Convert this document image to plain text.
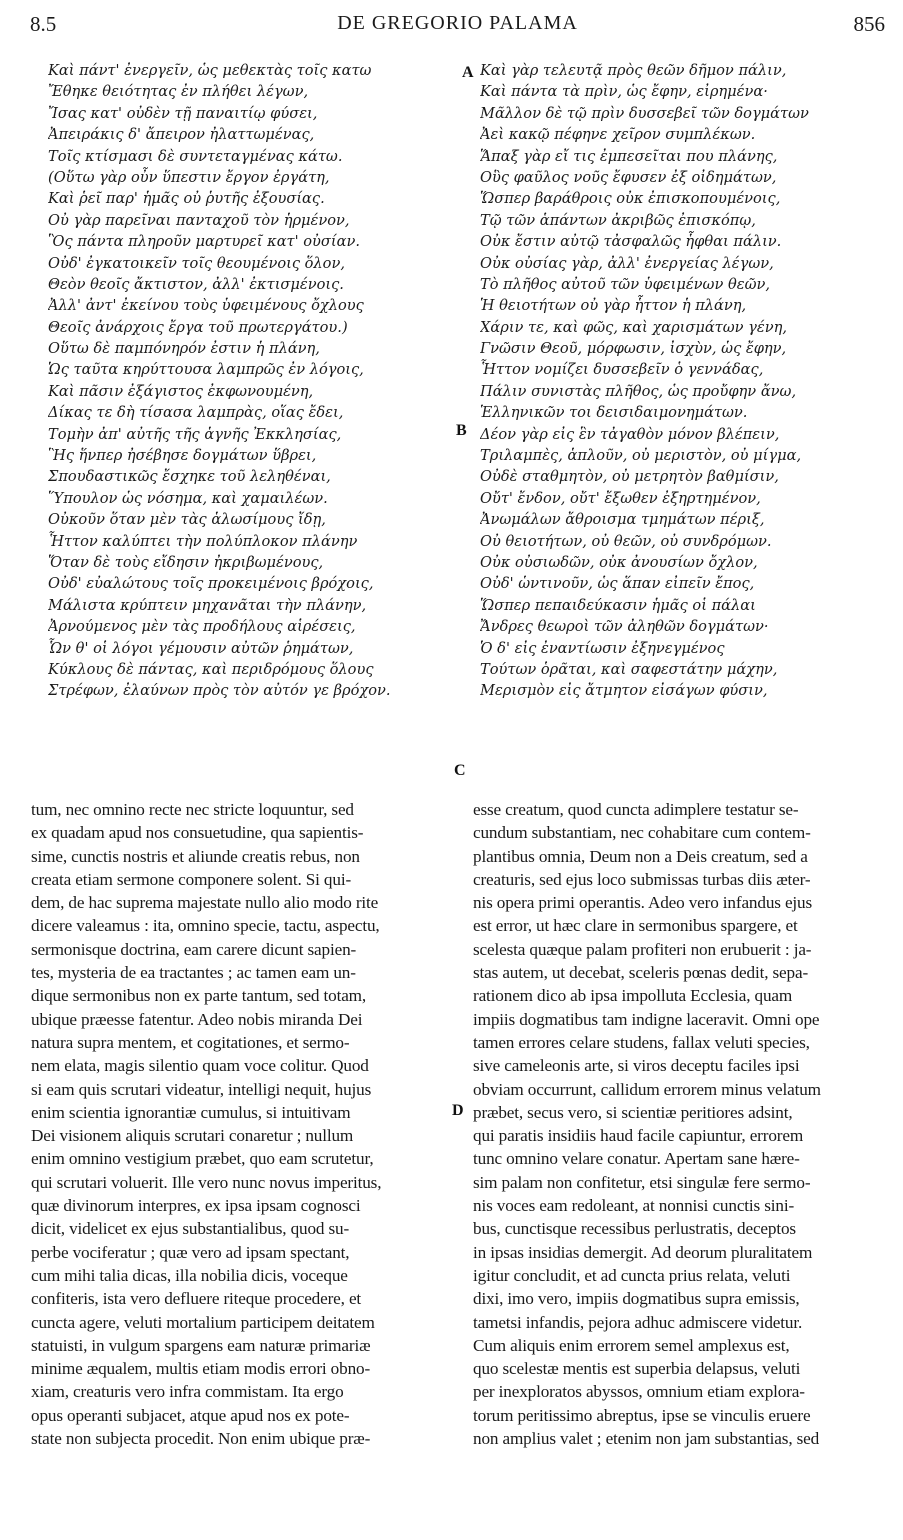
8.5	DE GREGORIO PALAMA	856
Καὶ πάντ' ἐνεργεῖν, ὡς μεθεκτὰς τοῖς κατω
Ἔθηκε θειότητας ἐν πλήθει λέγων,
Ἴσας κατ' οὐδὲν τῇ παναιτίῳ φύσει,
Ἀπειράκις δ' ἄπειρον ἠλαττωμένας,
Τοῖς κτίσμασι δὲ συντεταγμένας κάτω.
(Οὕτω γὰρ οὖν ὕπεστιν ἔργον ἐργάτη,
Καὶ ῥεῖ παρ' ἡμᾶς οὐ ῥυτῆς ἐξουσίας.
Οὐ γὰρ παρεῖναι πανταχοῦ τὸν ἡρμένον,
Ὃς πάντα πληροῦν μαρτυρεῖ κατ' οὐσίαν.
Οὐδ' ἐγκατοικεῖν τοῖς θεουμένοις ὅλον,
Θεὸν θεοῖς ἄκτιστον, ἀλλ' ἐκτισμένοις.
Ἀλλ' ἀντ' ἐκείνου τοὺς ὑφειμένους ὄχλους
Θεοῖς ἀνάρχοις ἔργα τοῦ πρωτεργάτου.)
Οὕτω δὲ παμπόνηρόν ἐστιν ἡ πλάνη,
Ὡς ταῦτα κηρύττουσα λαμπρῶς ἐν λόγοις,
Καὶ πᾶσιν ἐξάγιστος ἐκφωνουμένη,
Δίκας τε δὴ τίσασα λαμπρὰς, οἵας ἔδει,
Τομὴν ἀπ' αὐτῆς τῆς ἁγνῆς Ἐκκλησίας,
Ἣς ἥνπερ ἠσέβησε δογμάτων ὕβρει,
Σπουδαστικῶς ἔσχηκε τοῦ λεληθέναι,
Ὕπουλον ὡς νόσημα, καὶ χαμαιλέων.
Οὐκοῦν ὅταν μὲν τὰς ἁλωσίμους ἴδῃ,
Ἧττον καλύπτει τὴν πολύπλοκον πλάνην
Ὅταν δὲ τοὺς εἴδησιν ἠκριβωμένους,
Οὐδ' εὐαλώτους τοῖς προκειμένοις βρόχοις,
Μάλιστα κρύπτειν μηχανᾶται τὴν πλάνην,
Ἀρνούμενος μὲν τὰς προδήλους αἱρέσεις,
Ὧν θ' οἱ λόγοι γέμουσιν αὐτῶν ῥημάτων,
Κύκλους δὲ πάντας, καὶ περιδρόμους ὅλους
Στρέφων, ἐλαύνων πρὸς τὸν αὐτόν γε βρόχον.
Καὶ γὰρ τελευτᾷ πρὸς θεῶν δῆμον πάλιν,
Καὶ πάντα τὰ πρὶν, ὡς ἔφην, εἰρημένα·
Μᾶλλον δὲ τῷ πρὶν δυσσεβεῖ τῶν δογμάτων
Ἀεὶ κακῷ πέφηνε χεῖρον συμπλέκων.
Ἅπαξ γὰρ εἴ τις ἐμπεσεῖται που πλάνης,
Οὓς φαῦλος νοῦς ἔφυσεν ἐξ οἰδημάτων,
Ὥσπερ βαράθροις οὐκ ἐπισκοπουμένοις,
Τῷ τῶν ἁπάντων ἀκριβῶς ἐπισκόπῳ,
Οὐκ ἔστιν αὐτῷ τἀσφαλῶς ἧφθαι πάλιν.
Οὐκ οὐσίας γὰρ, ἀλλ' ἐνεργείας λέγων,
Τὸ πλῆθος αὐτοῦ τῶν ὑφειμένων θεῶν,
Ἡ θειοτήτων οὐ γὰρ ἧττον ἡ πλάνη,
Χάριν τε, καὶ φῶς, καὶ χαρισμάτων γένη,
Γνῶσιν Θεοῦ, μόρφωσιν, ἰσχὺν, ὡς ἔφην,
Ἧττον νομίζει δυσσεβεῖν ὁ γεννάδας,
Πάλιν συνιστὰς πλῆθος, ὡς προὔφην ἄνω,
Ἑλληνικῶν τοι δεισιδαιμονημάτων.
Δέον γὰρ εἰς ἓν τἀγαθὸν μόνον βλέπειν,
Τριλαμπὲς, ἁπλοῦν, οὐ μεριστὸν, οὐ μίγμα,
Οὐδὲ σταθμητὸν, οὐ μετρητὸν βαθμίσιν,
Οὔτ' ἔνδον, οὔτ' ἔξωθεν ἐξηρτημένον,
Ἀνωμάλων ἄθροισμα τμημάτων πέριξ,
Οὐ θειοτήτων, οὐ θεῶν, οὐ συνδρόμων.
Οὐκ οὐσιωδῶν, οὐκ ἀνουσίων ὄχλον,
Οὐδ' ὡντινοῦν, ὡς ἅπαν εἰπεῖν ἔπος,
Ὥσπερ πεπαιδεύκασιν ἡμᾶς οἱ πάλαι
Ἄνδρες θεωροὶ τῶν ἀληθῶν δογμάτων·
Ὁ δ' εἰς ἐναντίωσιν ἐξηνεγμένος
Τούτων ὁρᾶται, καὶ σαφεστάτην μάχην,
Μερισμὸν εἰς ἄτμητον εἰσάγων φύσιν,
A
B
C
D
tum, nec omnino recte nec stricte loquuntur, sed
ex quadam apud nos consuetudine, qua sapientis-
sime, cunctis nostris et aliunde creatis rebus, non
creata etiam sermone componere solent. Si qui-
dem, de hac suprema majestate nullo alio modo rite
dicere valeamus : ita, omnino specie, tactu, aspectu,
sermonisque doctrina, eam carere dicunt sapien-
tes, mysteria de ea tractantes ; ac tamen eam un-
dique sermonibus non ex parte tantum, sed totam,
ubique præesse fatentur. Adeo nobis miranda Dei
natura supra mentem, et cogitationes, et sermo-
nem elata, magis silentio quam voce colitur. Quod
si eam quis scrutari videatur, intelligi nequit, hujus
enim scientia ignorantiæ cumulus, si intuitivam
Dei visionem aliquis scrutari conaretur ; nullum
enim omnino vestigium præbet, quo eam scrutetur,
qui scrutari voluerit. Ille vero nunc novus imperitus,
quæ divinorum interpres, ex ipsa ipsam cognosci
dicit, videlicet ex ejus substantialibus, quod su-
perbe vociferatur ; quæ vero ad ipsam spectant,
cum mihi talia dicas, illa nobilia dicis, voceque
confiteris, ista vero defluere riteque procedere, et
cuncta agere, veluti mortalium participem deitatem
statuisti, in vulgum spargens eam naturæ primariæ
minime æqualem, multis etiam modis errori obno-
xiam, creaturis vero infra commistam. Ita ergo
opus operanti subjacet, atque apud nos ex pote-
state non subjecta procedit. Non enim ubique præ-
esse creatum, quod cuncta adimplere testatur se-
cundum substantiam, nec cohabitare cum contem-
plantibus omnia, Deum non a Deis creatum, sed a
creaturis, sed ejus loco submissas turbas diis æter-
nis opera primi operantis. Adeo vero infandus ejus
est error, ut hæc clare in sermonibus spargere, et
scelesta quæque palam profiteri non erubuerit : ja-
stas autem, ut decebat, sceleris pœnas dedit, sepa-
rationem dico ab ipsa impolluta Ecclesia, quam
impiis dogmatibus tam indigne laceravit. Omni ope
tamen errores celare studens, fallax veluti species,
sive cameleonis arte, si viros deceptu faciles ipsi
obviam occurrunt, callidum errorem minus velatum
præbet, secus vero, si scientiæ peritiores adsint,
qui paratis insidiis haud facile capiuntur, errorem
tunc omnino velare conatur. Apertam sane hære-
sim palam non confitetur, etsi singulæ fere sermo-
nis voces eam redoleant, at nonnisi cunctis sini-
bus, cunctisque recessibus perlustratis, deceptos
in ipsas insidias demergit. Ad deorum pluralitatem
igitur concludit, et ad cuncta prius relata, veluti
dixi, imo vero, impiis dogmatibus supra emissis,
tametsi infandis, pejora adhuc admiscere videtur.
Cum aliquis enim errorem semel amplexus est,
quo scelestæ mentis est superbia delapsus, veluti
per inexploratos abyssos, omnium etiam explora-
torum peritissimo abreptus, ipse se vinculis eruere
non amplius valet ; etenim non jam substantias, sed
